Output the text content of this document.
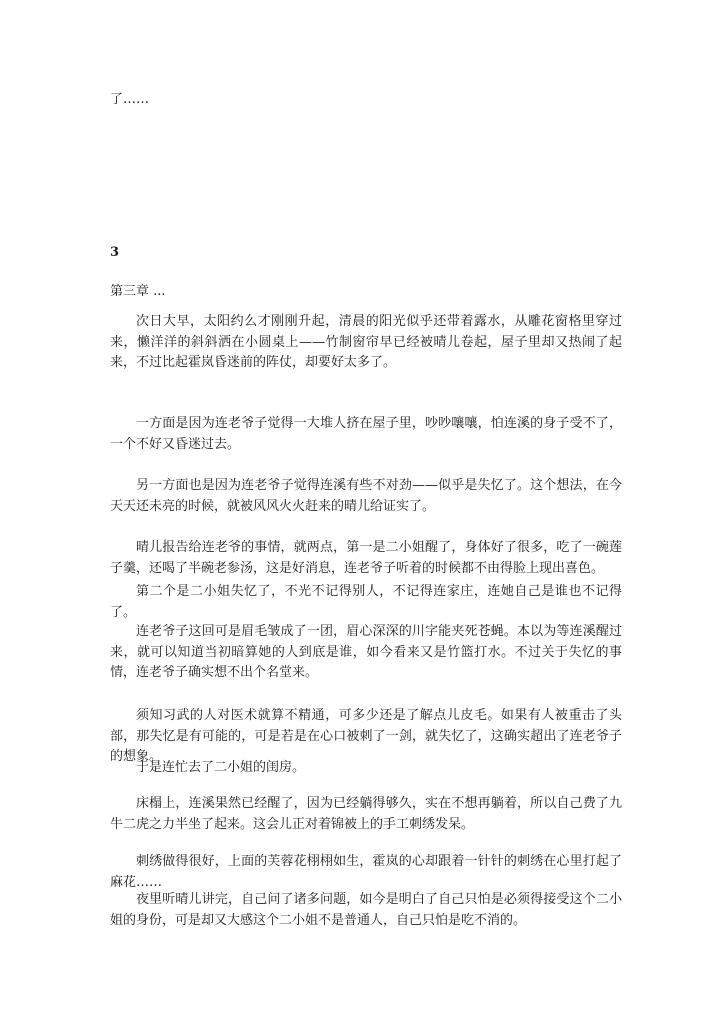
了……
3
第三章 ...
次日大早，太阳约么才刚刚升起，清晨的阳光似乎还带着露水，从雕花窗格里穿过来，懒洋洋的斜斜洒在小圆桌上——竹制窗帘早已经被晴儿卷起，屋子里却又热闹了起来，不过比起霍岚昏迷前的阵仗，却要好太多了。
一方面是因为连老爷子觉得一大堆人挤在屋子里，吵吵嚷嚷，怕连溪的身子受不了，一个不好又昏迷过去。
另一方面也是因为连老爷子觉得连溪有些不对劲——似乎是失忆了。这个想法，在今天天还未亮的时候，就被风风火火赶来的晴儿给证实了。
晴儿报告给连老爷的事情，就两点，第一是二小姐醒了，身体好了很多，吃了一碗莲子羹，还喝了半碗老参汤，这是好消息，连老爷子听着的时候都不由得脸上现出喜色。
第二个是二小姐失忆了，不光不记得别人，不记得连家庄，连她自己是谁也不记得了。
连老爷子这回可是眉毛皱成了一团，眉心深深的川字能夹死苍蝇。本以为等连溪醒过来，就可以知道当初暗算她的人到底是谁，如今看来又是竹篮打水。不过关于失忆的事情，连老爷子确实想不出个名堂来。
须知习武的人对医术就算不精通，可多少还是了解点儿皮毛。如果有人被重击了头部，那失忆是有可能的，可是若是在心口被刺了一剑，就失忆了，这确实超出了连老爷子的想象。
于是连忙去了二小姐的闺房。
床榻上，连溪果然已经醒了，因为已经躺得够久，实在不想再躺着，所以自己费了九牛二虎之力半坐了起来。这会儿正对着锦被上的手工刺绣发呆。
刺绣做得很好，上面的芙蓉花栩栩如生，霍岚的心却跟着一针针的刺绣在心里打起了麻花……
夜里听晴儿讲完，自己问了诸多问题，如今是明白了自己只怕是必须得接受这个二小姐的身份，可是却又大感这个二小姐不是普通人，自己只怕是吃不消的。
